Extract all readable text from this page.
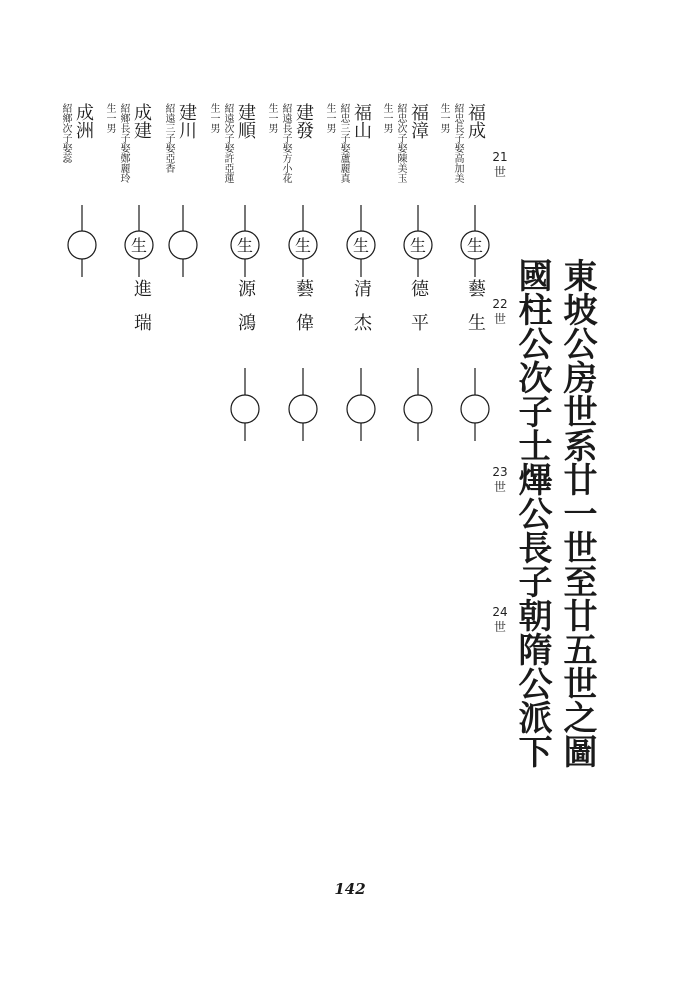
東坡公房世系廿一世至廿五世之圖
國柱公次子士熚公長子朝隋公派下
21
世
22
世
23
世
24
世
福成
紹忠長子娶高加美
生一男
藝生
福漳
紹忠次子娶陳美玉
生一男
德平
福山
紹忠三子娶蘆麗真
生一男
清杰
建發
紹遠長子娶方小花
生一男
藝偉
建順
紹遠次子娶許亞蓮
生一男
源鴻
建川
紹遠三子娶亞香
成建
紹鄉長子娶鄭麗玲
生一男
進瑞
成洲
紹鄉次子娶蕊
生
生
生
生
生
生
142
